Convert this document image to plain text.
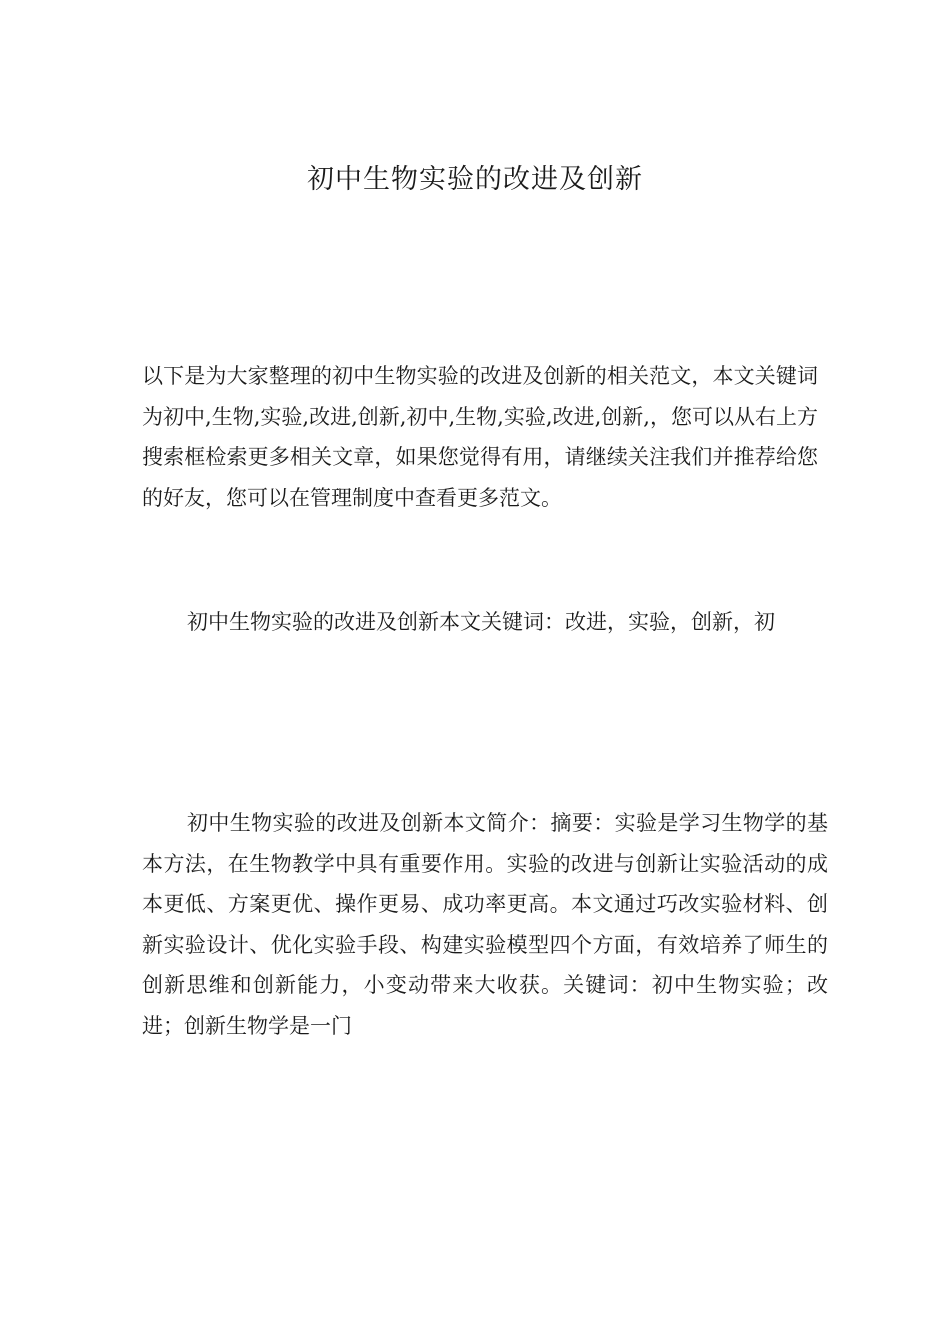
初中生物实验的改进及创新

以下是为大家整理的初中生物实验的改进及创新的相关范文，本文关键词为初中,生物,实验,改进,创新,初中,生物,实验,改进,创新,，您可以从右上方搜索框检索更多相关文章，如果您觉得有用，请继续关注我们并推荐给您的好友，您可以在管理制度中查看更多范文。

初中生物实验的改进及创新本文关键词：改进，实验，创新，初

初中生物实验的改进及创新本文简介：摘要：实验是学习生物学的基本方法，在生物教学中具有重要作用。实验的改进与创新让实验活动的成本更低、方案更优、操作更易、成功率更高。本文通过巧改实验材料、创新实验设计、优化实验手段、构建实验模型四个方面，有效培养了师生的创新思维和创新能力，小变动带来大收获。关键词：初中生物实验；改进；创新生物学是一门
